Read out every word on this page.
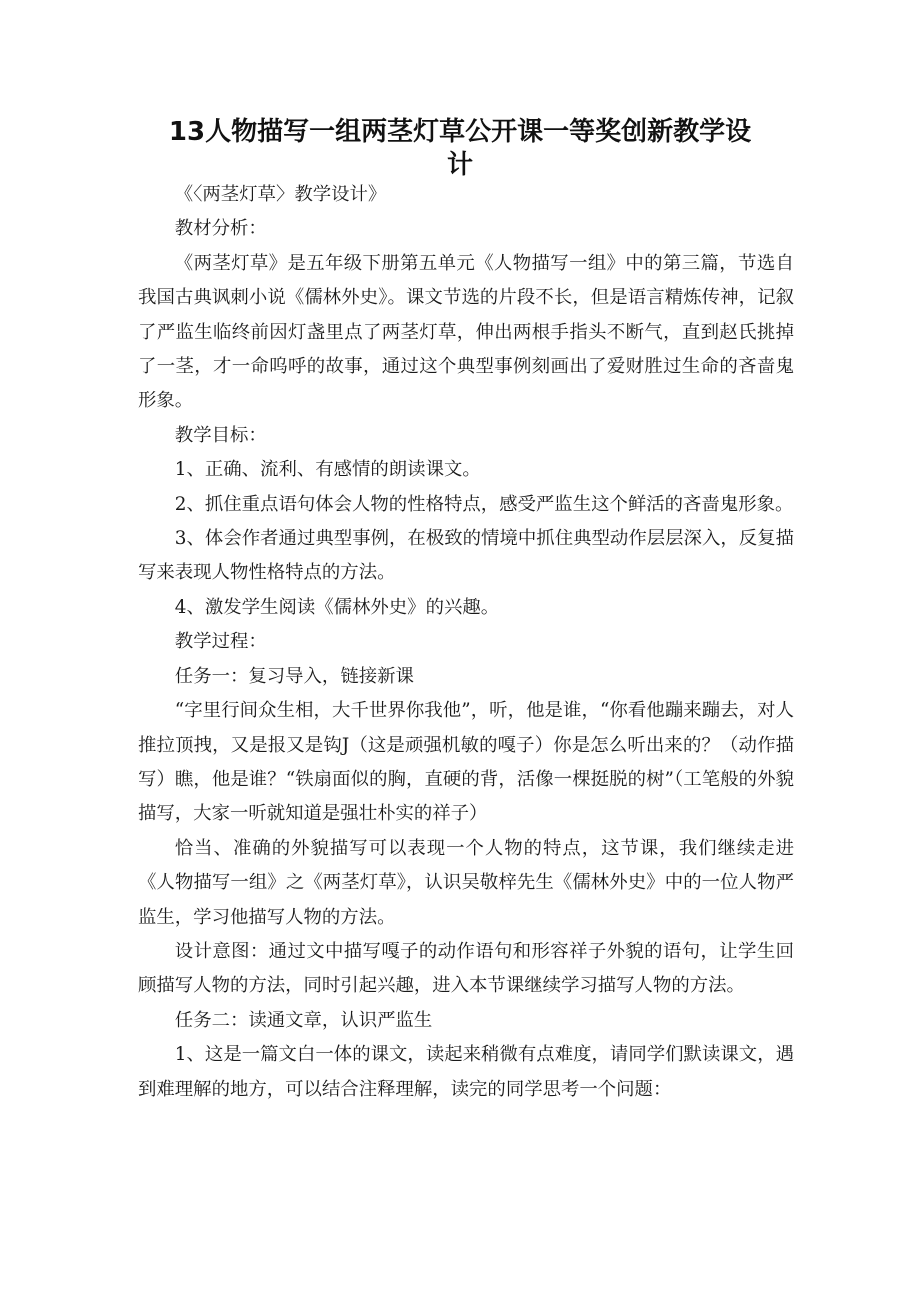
13人物描写一组两茎灯草公开课一等奖创新教学设
计

《〈两茎灯草〉教学设计》

教材分析：

《两茎灯草》是五年级下册第五单元《人物描写一组》中的第三篇，节选自我国古典讽刺小说《儒林外史》。课文节选的片段不长，但是语言精炼传神，记叙了严监生临终前因灯盏里点了两茎灯草，伸出两根手指头不断气，直到赵氏挑掉了一茎，才一命呜呼的故事，通过这个典型事例刻画出了爱财胜过生命的吝啬鬼形象。

教学目标：

1、正确、流利、有感情的朗读课文。

2、抓住重点语句体会人物的性格特点，感受严监生这个鲜活的吝啬鬼形象。

3、体会作者通过典型事例，在极致的情境中抓住典型动作层层深入，反复描写来表现人物性格特点的方法。

4、激发学生阅读《儒林外史》的兴趣。

教学过程：

任务一：复习导入，链接新课

“字里行间众生相，大千世界你我他”，听，他是谁，“你看他蹦来蹦去，对人推拉顶拽，又是报又是钩J（这是顽强机敏的嘎子）你是怎么听出来的？（动作描写）瞧，他是谁？“铁扇面似的胸，直硬的背，活像一棵挺脱的树”（工笔般的外貌描写，大家一听就知道是强壮朴实的祥子）

恰当、准确的外貌描写可以表现一个人物的特点，这节课，我们继续走进《人物描写一组》之《两茎灯草》，认识吴敬梓先生《儒林外史》中的一位人物严监生，学习他描写人物的方法。

设计意图：通过文中描写嘎子的动作语句和形容祥子外貌的语句，让学生回顾描写人物的方法，同时引起兴趣，进入本节课继续学习描写人物的方法。

任务二：读通文章，认识严监生

1、这是一篇文白一体的课文，读起来稍微有点难度，请同学们默读课文，遇到难理解的地方，可以结合注释理解，读完的同学思考一个问题：
